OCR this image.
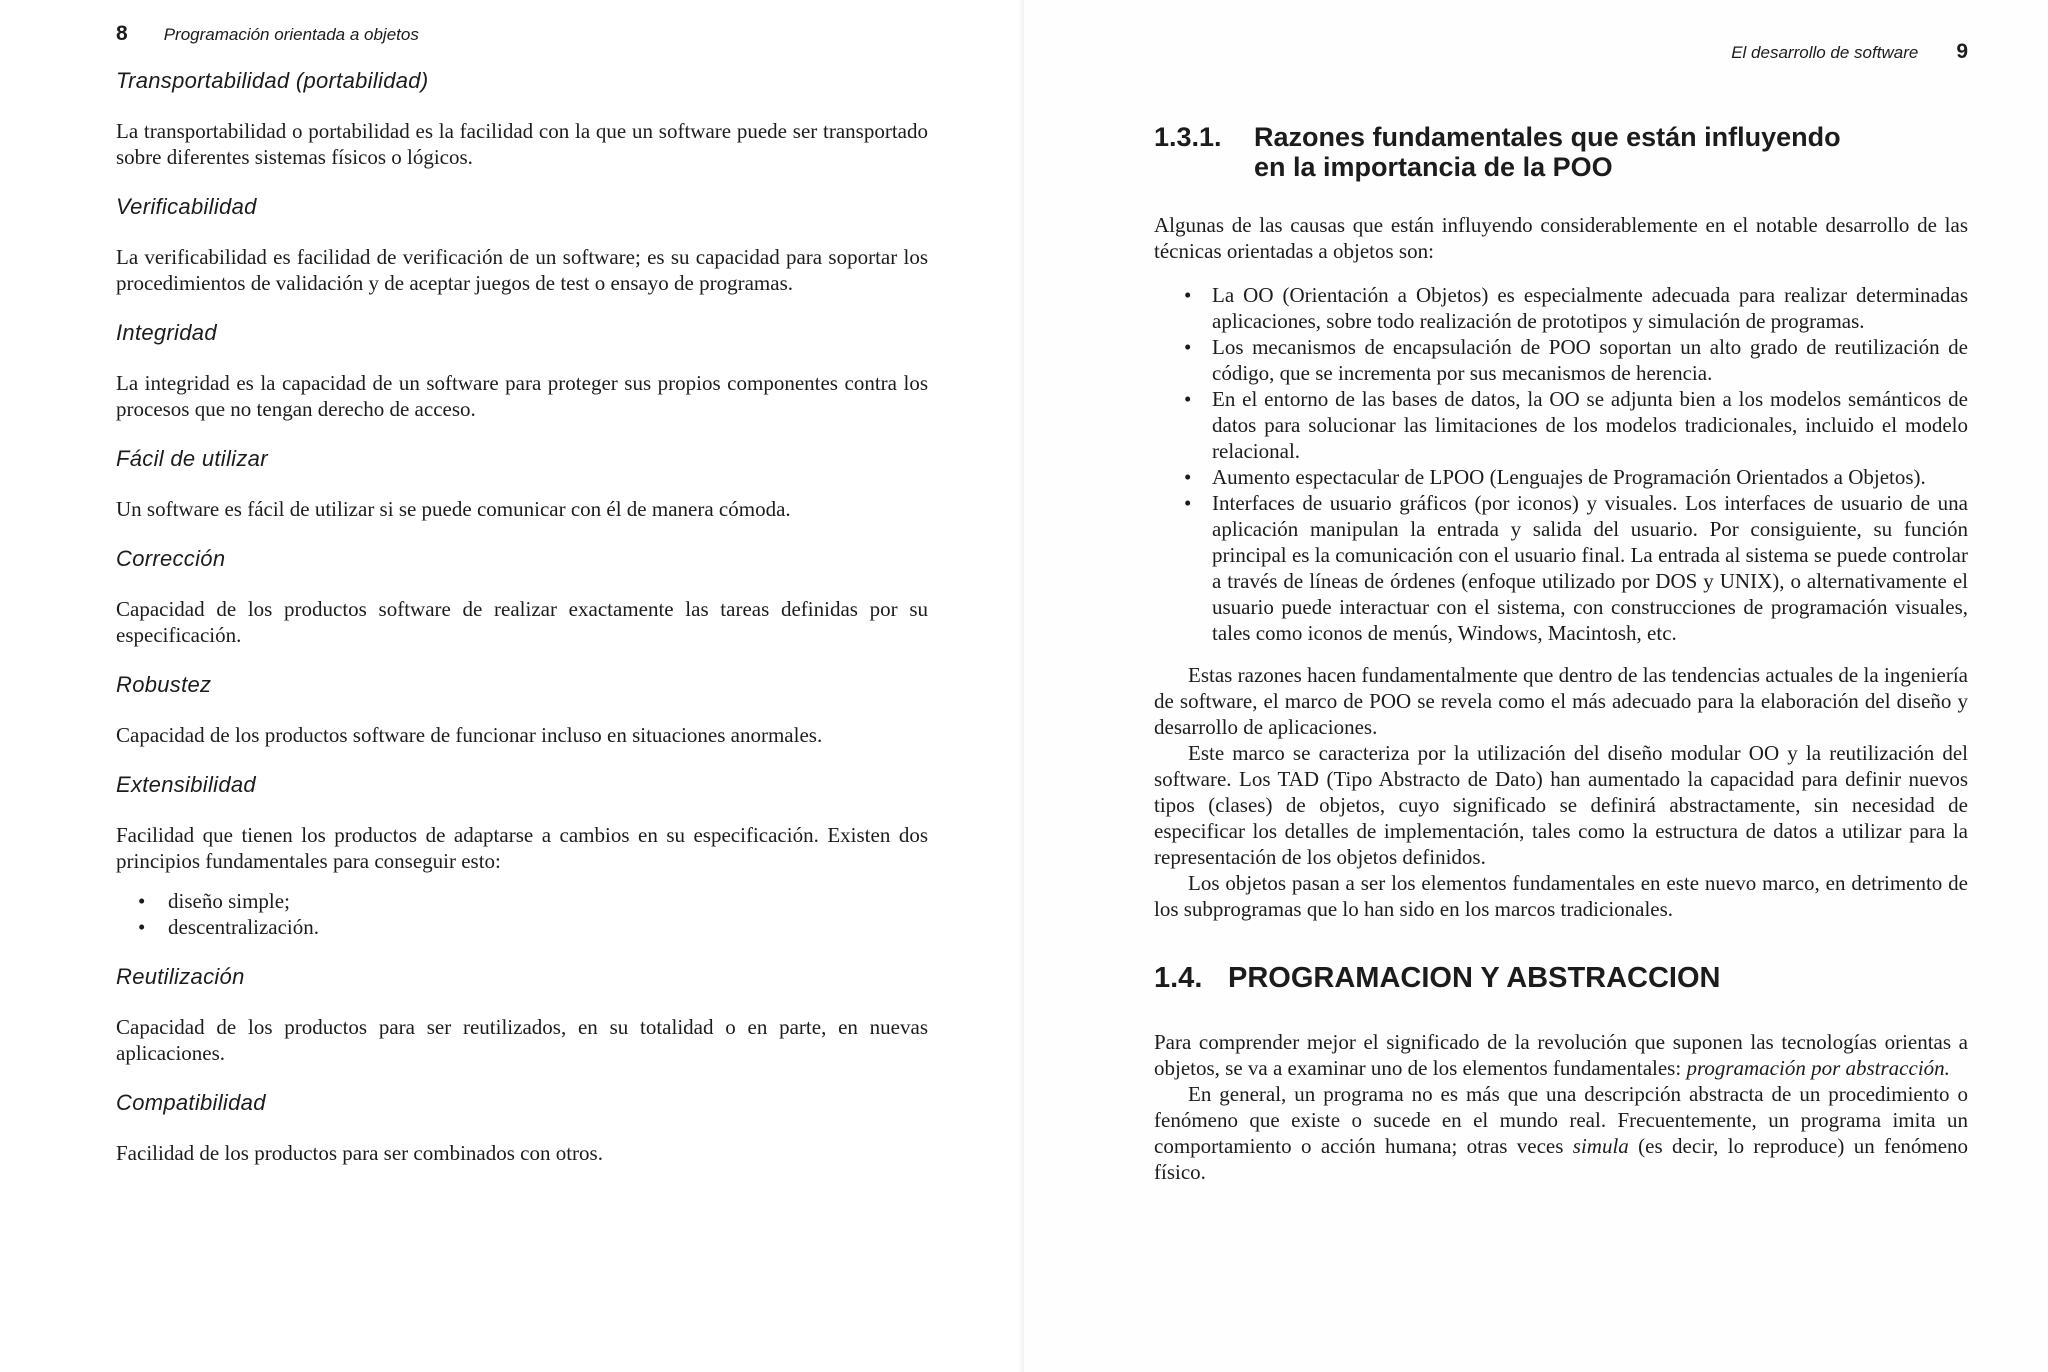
8 Programación orientada a objetos
Transportabilidad (portabilidad)

La transportabilidad o portabilidad es la facilidad con la que un software puede ser transportado sobre diferentes sistemas físicos o lógicos.

Verificabilidad

La verificabilidad es facilidad de verificación de un software; es su capacidad para soportar los procedimientos de validación y de aceptar juegos de test o ensayo de programas.

Integridad

La integridad es la capacidad de un software para proteger sus propios componentes contra los procesos que no tengan derecho de acceso.

Fácil de utilizar

Un software es fácil de utilizar si se puede comunicar con él de manera cómoda.

Corrección

Capacidad de los productos software de realizar exactamente las tareas definidas por su especificación.

Robustez

Capacidad de los productos software de funcionar incluso en situaciones anormales.

Extensibilidad

Facilidad que tienen los productos de adaptarse a cambios en su especificación. Existen dos principios fundamentales para conseguir esto:

• diseño simple;
• descentralización.
Reutilización

Capacidad de los productos para ser reutilizados, en su totalidad o en parte, en nuevas aplicaciones.

Compatibilidad

Facilidad de los productos para ser combinados con otros.

El desarrollo de software 9
1.3.1.	Razones fundamentales que están influyendo
en la importancia de la POO

Algunas de las causas que están influyendo considerablemente en el notable desarrollo de las técnicas orientadas a objetos son:

• La OO (Orientación a Objetos) es especialmente adecuada para realizar determinadas aplicaciones, sobre todo realización de prototipos y simulación de programas.
• Los mecanismos de encapsulación de POO soportan un alto grado de reutilización de código, que se incrementa por sus mecanismos de herencia.
• En el entorno de las bases de datos, la OO se adjunta bien a los modelos semánticos de datos para solucionar las limitaciones de los modelos tradicionales, incluido el modelo relacional.
• Aumento espectacular de LPOO (Lenguajes de Programación Orientados a Objetos).
• Interfaces de usuario gráficos (por iconos) y visuales. Los interfaces de usuario de una aplicación manipulan la entrada y salida del usuario. Por consiguiente, su función principal es la comunicación con el usuario final. La entrada al sistema se puede controlar a través de líneas de órdenes (enfoque utilizado por DOS y UNIX), o alternativamente el usuario puede interactuar con el sistema, con construcciones de programación visuales, tales como iconos de menús, Windows, Macintosh, etc.

Estas razones hacen fundamentalmente que dentro de las tendencias actuales de la ingeniería de software, el marco de POO se revela como el más adecuado para la elaboración del diseño y desarrollo de aplicaciones.

Este marco se caracteriza por la utilización del diseño modular OO y la reutilización del software. Los TAD (Tipo Abstracto de Dato) han aumentado la capacidad para definir nuevos tipos (clases) de objetos, cuyo significado se definirá abstractamente, sin necesidad de especificar los detalles de implementación, tales como la estructura de datos a utilizar para la representación de los objetos definidos.

Los objetos pasan a ser los elementos fundamentales en este nuevo marco, en detrimento de los subprogramas que lo han sido en los marcos tradicionales.

1.4. PROGRAMACION Y ABSTRACCION

Para comprender mejor el significado de la revolución que suponen las tecnologías orientas a objetos, se va a examinar uno de los elementos fundamentales: programación por abstracción.

En general, un programa no es más que una descripción abstracta de un procedimiento o fenómeno que existe o sucede en el mundo real. Frecuentemente, un programa imita un comportamiento o acción humana; otras veces simula (es decir, lo reproduce) un fenómeno físico.
